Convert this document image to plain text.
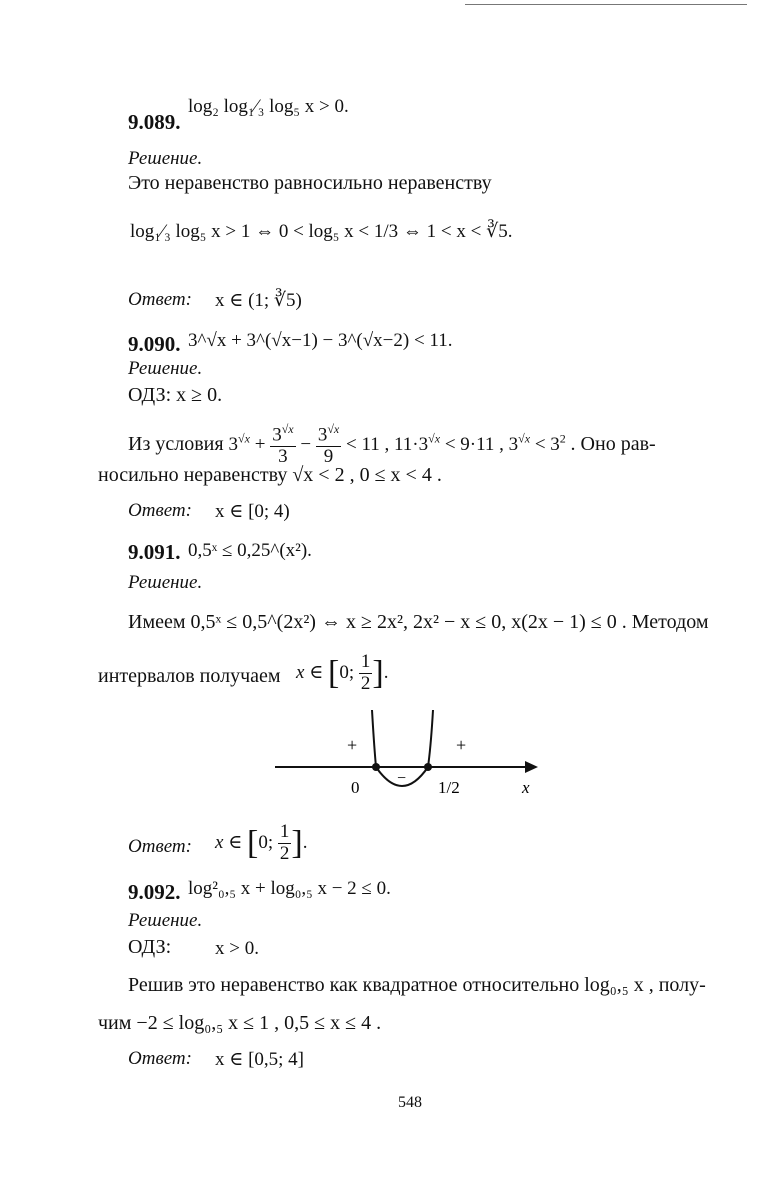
9.089.
log₂ log₁⁄₃ log₅ x > 0.
Решение.
Это неравенство равносильно неравенству
log₁⁄₃ log₅ x > 1 ⇔ 0 < log₅ x < 1/3 ⇔ 1 < x < ∛5.
Ответ: x ∈ (1; ∛5)
9.090. 3^√x + 3^(√x−1) − 3^(√x−2) < 11.
Решение.
ОДЗ: x ≥ 0.
Из условия $3^{√x} + \frac{3^{√x}}{3} - \frac{3^{√x}}{9} < 11$ , $11\cdot 3^{√x} < 9\cdot 11$ , $3^{√x} < 3^2$ . Оно рав-
носильно неравенству √x < 2 , 0 ≤ x < 4 .
Ответ: x ∈ [0; 4)
9.091. 0,5ˣ ≤ 0,25^(x²).
Решение.
Имеем 0,5ˣ ≤ 0,5^(2x²) ⇔ x ≥ 2x², 2x² − x ≤ 0, x(2x − 1) ≤ 0 . Методом
интервалов получаем x ∈ [0; $\frac{1}{2}$ ].
+	+
−
0	1/2	x
Ответ: x ∈ [0; $\frac{1}{2}$ ].
9.092. log²₀,₅ x + log₀,₅ x − 2 ≤ 0.
Решение.
ОДЗ: x > 0.
Решив это неравенство как квадратное относительно log₀,₅ x , полу-
чим −2 ≤ log₀,₅ x ≤ 1 , 0,5 ≤ x ≤ 4 .
Ответ: x ∈ [0,5; 4]
548
